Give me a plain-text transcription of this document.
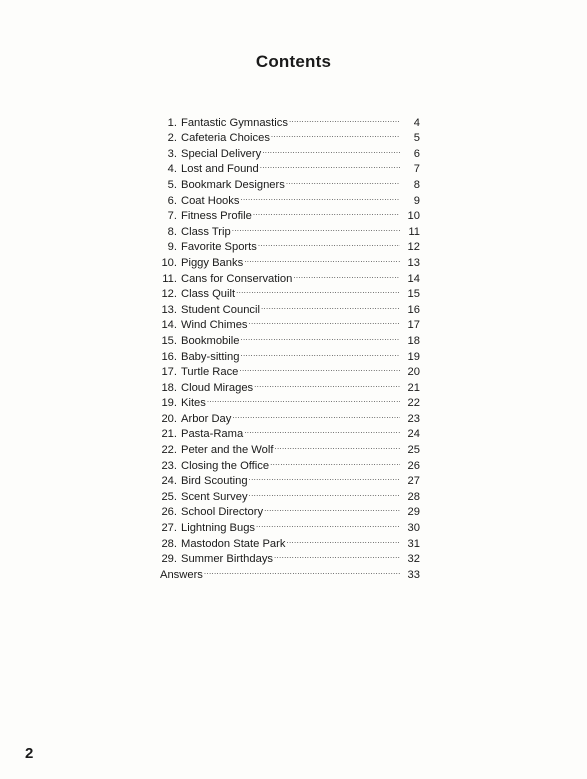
Contents
1. Fantastic Gymnastics .....	4
2. Cafeteria Choices .....	5
3. Special Delivery .....	6
4. Lost and Found .....	7
5. Bookmark Designers .....	8
6. Coat Hooks .....	9
7. Fitness Profile .....	10
8. Class Trip .....	11
9. Favorite Sports .....	12
10. Piggy Banks .....	13
11. Cans for Conservation .....	14
12. Class Quilt .....	15
13. Student Council .....	16
14. Wind Chimes .....	17
15. Bookmobile .....	18
16. Baby-sitting .....	19
17. Turtle Race .....	20
18. Cloud Mirages .....	21
19. Kites .....	22
20. Arbor Day .....	23
21. Pasta-Rama .....	24
22. Peter and the Wolf .....	25
23. Closing the Office .....	26
24. Bird Scouting .....	27
25. Scent Survey .....	28
26. School Directory .....	29
27. Lightning Bugs .....	30
28. Mastodon State Park .....	31
29. Summer Birthdays .....	32
Answers .....	33
2
